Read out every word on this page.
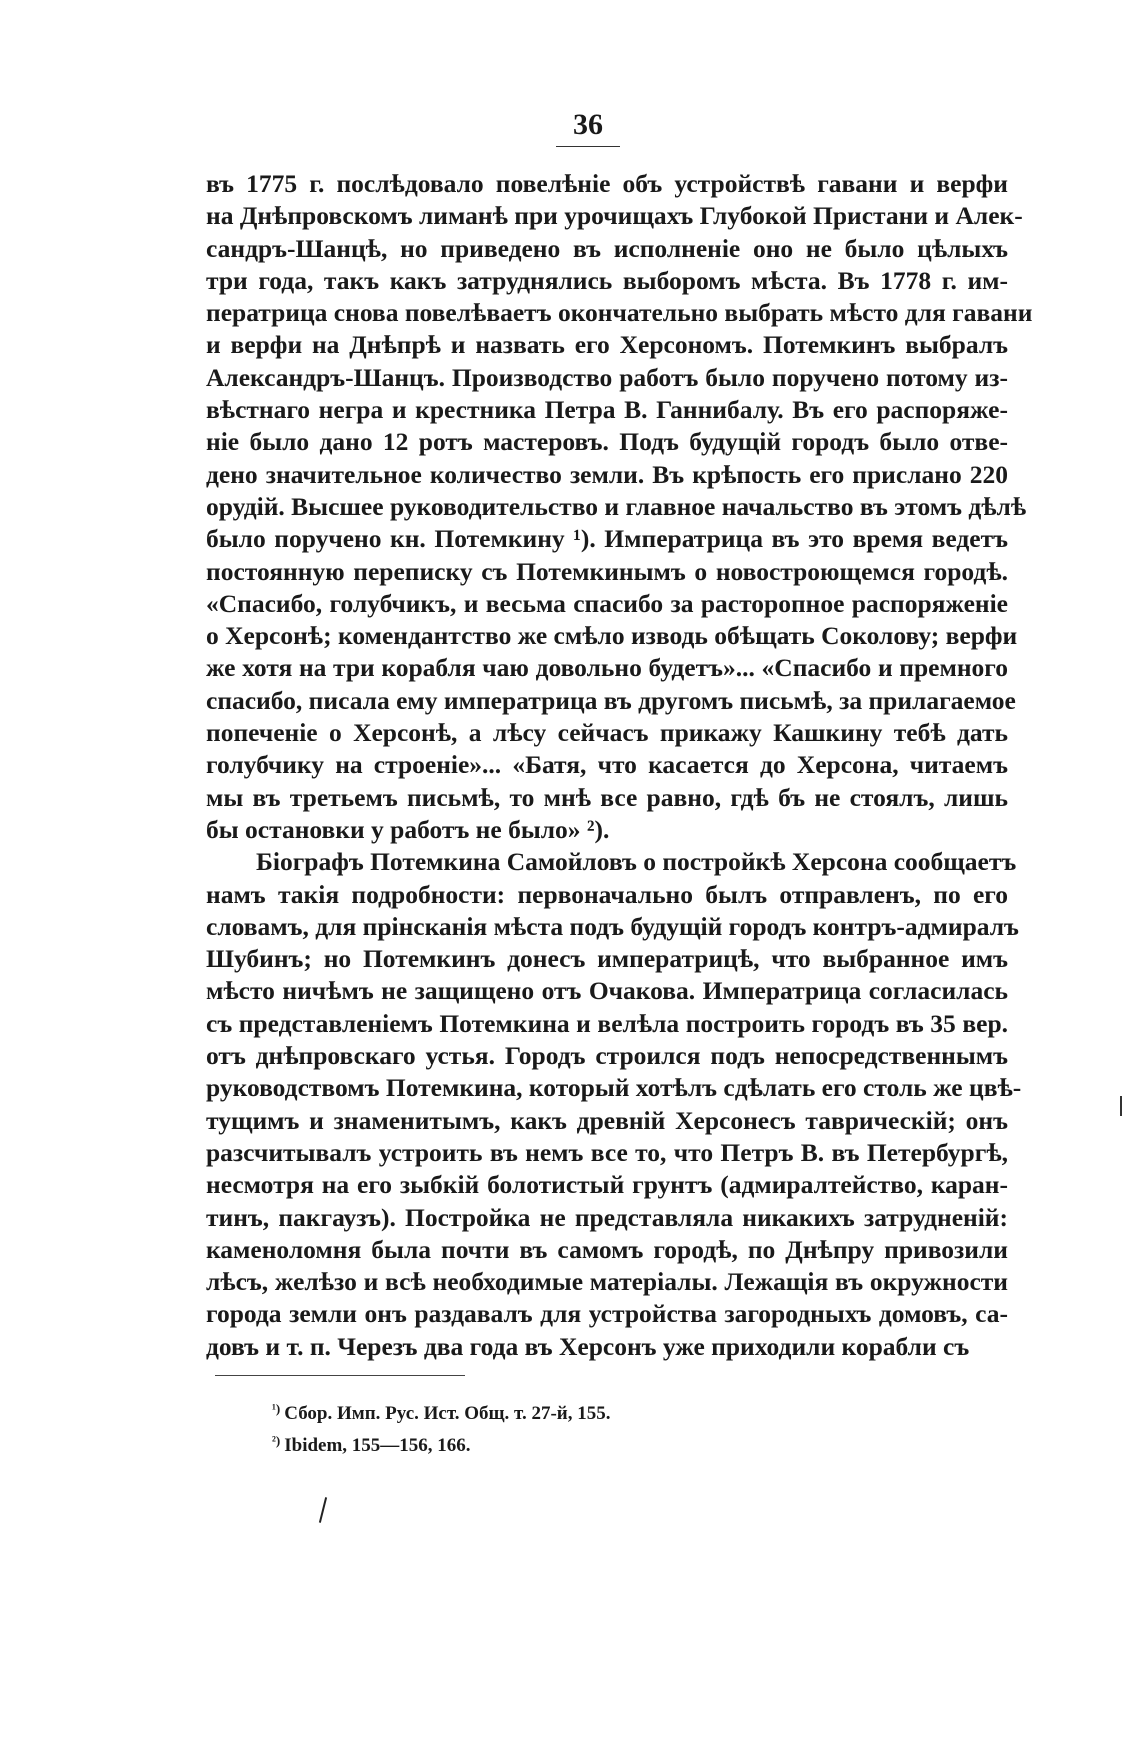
36
въ 1775 г. послѣдовало повелѣніе объ устройствѣ гавани и верфи
на Днѣпровскомъ лиманѣ при урочищахъ Глубокой Пристани и Алек-
сандръ-Шанцѣ, но приведено въ исполненіе оно не было цѣлыхъ
три года, такъ какъ затруднялись выборомъ мѣста. Въ 1778 г. им-
ператрица снова повелѣваетъ окончательно выбрать мѣсто для гавани
и верфи на Днѣпрѣ и назвать его Херсономъ. Потемкинъ выбралъ
Александръ-Шанцъ. Производство работъ было поручено потому из-
вѣстнаго негра и крестника Петра В. Ганнибалу. Въ его распоряже-
ніе было дано 12 ротъ мастеровъ. Подъ будущій городъ было отве-
дено значительное количество земли. Въ крѣпость его прислано 220
орудій. Высшее руководительство и главное начальство въ этомъ дѣлѣ
было поручено кн. Потемкину ¹). Императрица въ это время ведетъ
постоянную переписку съ Потемкинымъ о новостроющемся городѣ.
«Спасибо, голубчикъ, и весьма спасибо за расторопное распоряженіе
о Херсонѣ; комендантство же смѣло изводь обѣщать Соколову; верфи
же хотя на три корабля чаю довольно будетъ»... «Спасибо и премного
спасибо, писала ему императрица въ другомъ письмѣ, за прилагаемое
попеченіе о Херсонѣ, а лѣсу сейчасъ прикажу Кашкину тебѣ дать
голубчику на строеніе»... «Батя, что касается до Херсона, читаемъ
мы въ третьемъ письмѣ, то мнѣ все равно, гдѣ бъ не стоялъ, лишь
бы остановки у работъ не было» ²).
Біографъ Потемкина Самойловъ о постройкѣ Херсона сообщаетъ
намъ такія подробности: первоначально былъ отправленъ, по его
словамъ, для прінсканія мѣста подъ будущій городъ контръ-адмиралъ
Шубинъ; но Потемкинъ донесъ императрицѣ, что выбранное имъ
мѣсто ничѣмъ не защищено отъ Очакова. Императрица согласилась
съ представленіемъ Потемкина и велѣла построить городъ въ 35 вер.
отъ днѣпровскаго устья. Городъ строился подъ непосредственнымъ
руководствомъ Потемкина, который хотѣлъ сдѣлать его столь же цвѣ-
тущимъ и знаменитымъ, какъ древній Херсонесъ таврическій; онъ
разсчитывалъ устроить въ немъ все то, что Петръ В. въ Петербургѣ,
несмотря на его зыбкій болотистый грунтъ (адмиралтейство, каран-
тинъ, пакгаузъ). Постройка не представляла никакихъ затрудненій:
каменоломня была почти въ самомъ городѣ, по Днѣпру привозили
лѣсъ, желѣзо и всѣ необходимые матеріалы. Лежащія въ окружности
города земли онъ раздавалъ для устройства загородныхъ домовъ, са-
довъ и т. п. Черезъ два года въ Херсонъ уже приходили корабли съ
$^{^1)}$ Сбор. Имп. Рус. Ист. Общ. т. 27-й, 155.
$^{^2)}$ Ibidem, 155—156, 166.
